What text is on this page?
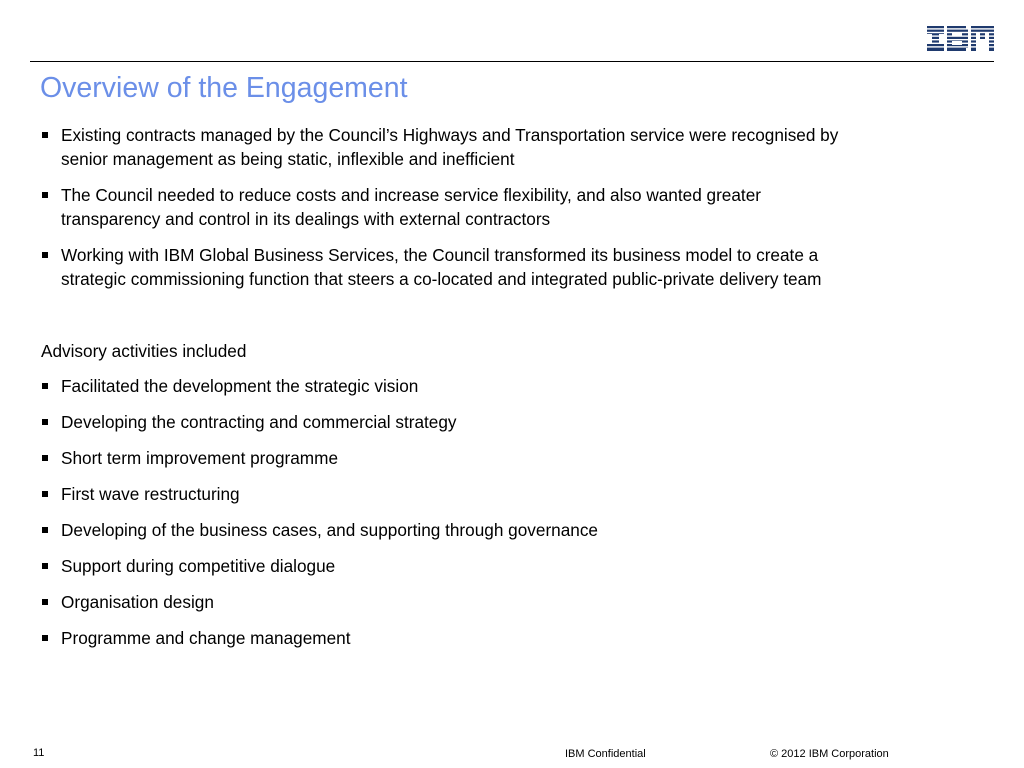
Overview of the Engagement
Existing contracts managed by the Council’s Highways and Transportation service were recognised by
senior management as being static, inflexible and inefficient
The Council needed to reduce costs and increase service flexibility, and also wanted greater
transparency and control in its dealings with external contractors
Working with IBM Global Business Services, the Council transformed its business model to create a
strategic commissioning function that steers a co-located and integrated public-private delivery team
Advisory activities included
Facilitated the development the strategic vision
Developing the contracting and commercial strategy
Short term improvement programme
First wave restructuring
Developing of the business cases, and supporting through governance
Support during competitive dialogue
Organisation design
Programme and change management
11	IBM Confidential	© 2012 IBM Corporation
